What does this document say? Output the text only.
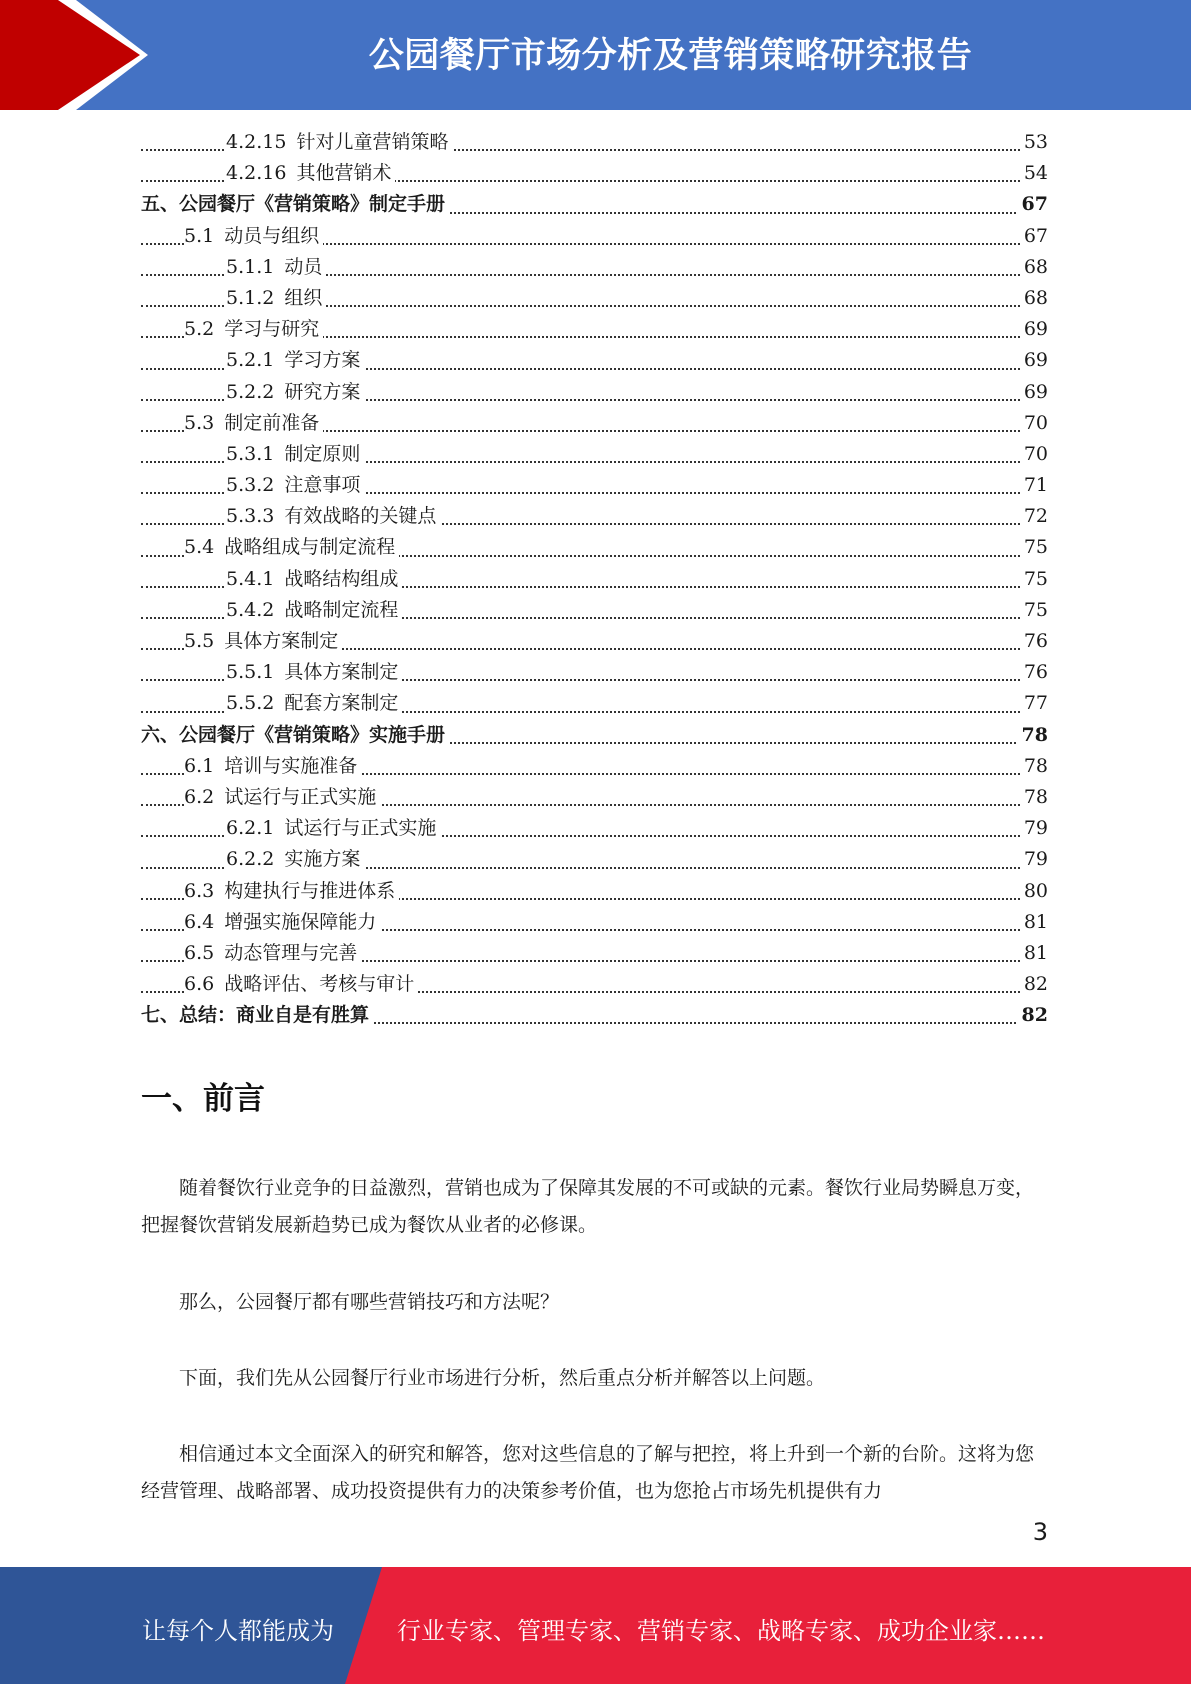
公园餐厅市场分析及营销策略研究报告
4.2.15 针对儿童营销策略	53
4.2.16 其他营销术	54
五、公园餐厅《营销策略》制定手册	67
5.1 动员与组织	67
5.1.1 动员	68
5.1.2 组织	68
5.2 学习与研究	69
5.2.1 学习方案	69
5.2.2 研究方案	69
5.3 制定前准备	70
5.3.1 制定原则	70
5.3.2 注意事项	71
5.3.3 有效战略的关键点	72
5.4 战略组成与制定流程	75
5.4.1 战略结构组成	75
5.4.2 战略制定流程	75
5.5 具体方案制定	76
5.5.1 具体方案制定	76
5.5.2 配套方案制定	77
六、公园餐厅《营销策略》实施手册	78
6.1 培训与实施准备	78
6.2 试运行与正式实施	78
6.2.1 试运行与正式实施	79
6.2.2 实施方案	79
6.3 构建执行与推进体系	80
6.4 增强实施保障能力	81
6.5 动态管理与完善	81
6.6 战略评估、考核与审计	82
七、总结：商业自是有胜算	82
一、前言

随着餐饮行业竞争的日益激烈，营销也成为了保障其发展的不可或缺的元素。餐饮行业局势瞬息万变，把握餐饮营销发展新趋势已成为餐饮从业者的必修课。

那么，公园餐厅都有哪些营销技巧和方法呢？

下面，我们先从公园餐厅行业市场进行分析，然后重点分析并解答以上问题。

相信通过本文全面深入的研究和解答，您对这些信息的了解与把控，将上升到一个新的台阶。这将为您经营管理、战略部署、成功投资提供有力的决策参考价值，也为您抢占市场先机提供有力

3
让每个人都能成为	行业专家、管理专家、营销专家、战略专家、成功企业家……
